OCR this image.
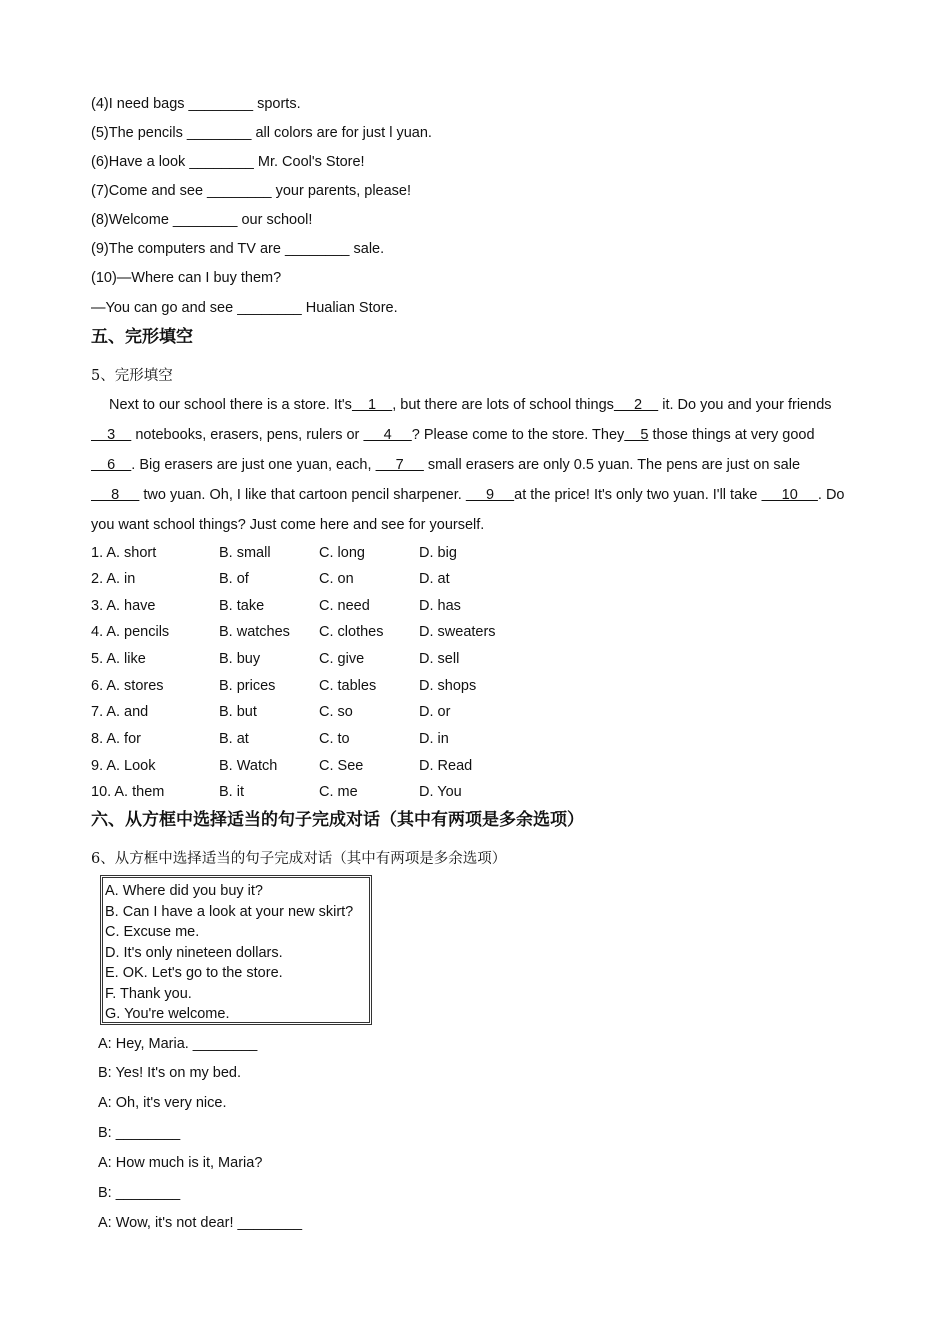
(4)I need bags ________ sports.
(5)The pencils ________ all colors are for just l yuan.
(6)Have a look ________ Mr. Cool's Store!
(7)Come and see ________ your parents, please!
(8)Welcome ________ our school!
(9)The computers and TV are ________ sale.
(10)—Where can I buy them?
—You can go and see ________ Hualian Store.
五、完形填空
5、完形填空
Next to our school there is a store. It's    1    , but there are lots of school things     2     it. Do you and your friends     3     notebooks, erasers, pens, rulers or      4     ? Please come to the store. They    5 those things at very good     6    . Big erasers are just one yuan, each,      7      small erasers are only 0.5 yuan. The pens are just on sale      8      two yuan. Oh, I like that cartoon pencil sharpener.      9     at the price! It's only two yuan. I'll take      10     . Do you want school things? Just come here and see for yourself.
1. A. short	B. small	C. long	D. big
2. A. in	B. of	C. on	D. at
3. A. have	B. take	C. need	D. has
4. A. pencils	B. watches C. clothes D. sweaters
5. A. like	B. buy	C. give	D. sell
6. A. stores	B. prices	C. tables	D. shops
7. A. and	B. but	C. so	D. or
8. A. for	B. at	C. to	D. in
9. A. Look	B. Watch	C. See	D. Read
10. A. them	B. it	C. me	D. You
六、从方框中选择适当的句子完成对话（其中有两项是多余选项）
6、从方框中选择适当的句子完成对话（其中有两项是多余选项）
A. Where did you buy it?
B. Can I have a look at your new skirt?
C. Excuse me.
D. It's only nineteen dollars.
E. OK. Let's go to the store.
F. Thank you.
G. You're welcome.
A: Hey, Maria. ________
B: Yes! It's on my bed.
A: Oh, it's very nice.
B: ________
A: How much is it, Maria?
B: ________
A: Wow, it's not dear! ________
